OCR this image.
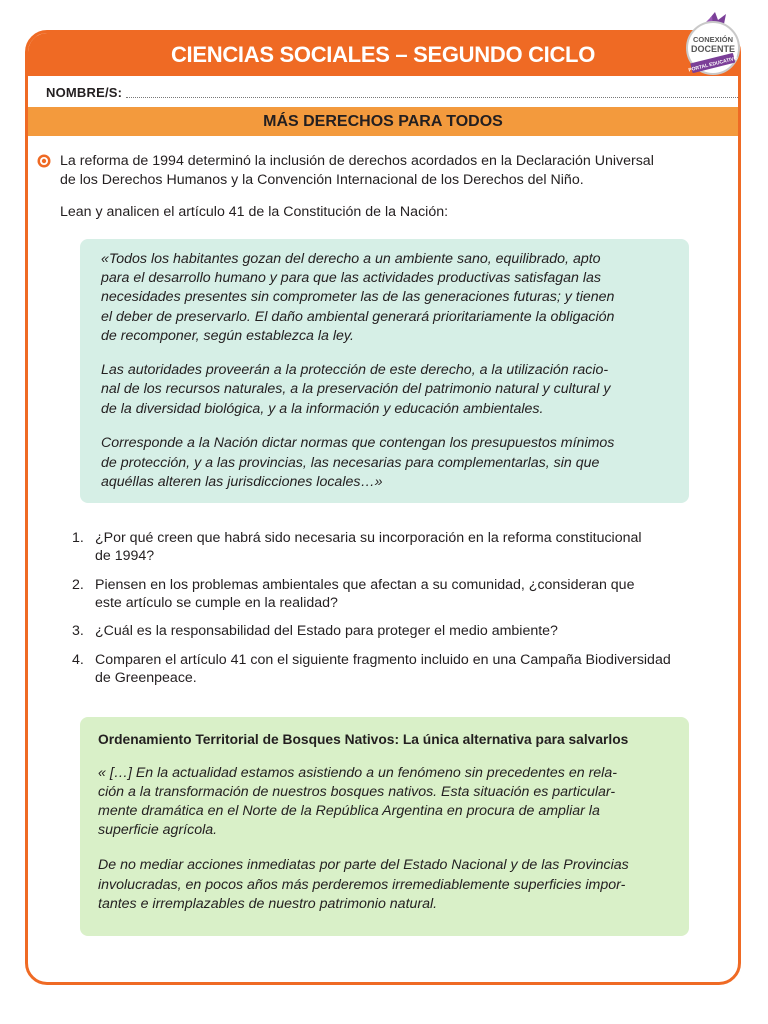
CIENCIAS SOCIALES – SEGUNDO CICLO
NOMBRE/S:
MÁS DERECHOS PARA TODOS
CONEXIÓN
DOCENTE
PORTAL EDUCATIVO
La reforma de 1994 determinó la inclusión de derechos acordados en la Declaración Universal
de los Derechos Humanos y la Convención Internacional de los Derechos del Niño.
Lean y analicen el artículo 41 de la Constitución de la Nación:
«Todos los habitantes gozan del derecho a un ambiente sano, equilibrado, apto
para el desarrollo humano y para que las actividades productivas satisfagan las
necesidades presentes sin comprometer las de las generaciones futuras; y tienen
el deber de preservarlo. El daño ambiental generará prioritariamente la obligación
de recomponer, según establezca la ley.
Las autoridades proveerán a la protección de este derecho, a la utilización racio-
nal de los recursos naturales, a la preservación del patrimonio natural y cultural y
de la diversidad biológica, y a la información y educación ambientales.
Corresponde a la Nación dictar normas que contengan los presupuestos mínimos
de protección, y a las provincias, las necesarias para complementarlas, sin que
aquéllas alteren las jurisdicciones locales…»
1. ¿Por qué creen que habrá sido necesaria su incorporación en la reforma constitucional
de 1994?
2. Piensen en los problemas ambientales que afectan a su comunidad, ¿consideran que
este artículo se cumple en la realidad?
3. ¿Cuál es la responsabilidad del Estado para proteger el medio ambiente?
4. Comparen el artículo 41 con el siguiente fragmento incluido en una Campaña Biodiversidad
de Greenpeace.
Ordenamiento Territorial de Bosques Nativos: La única alternativa para salvarlos
« […] En la actualidad estamos asistiendo a un fenómeno sin precedentes en rela-
ción a la transformación de nuestros bosques nativos. Esta situación es particular-
mente dramática en el Norte de la República Argentina en procura de ampliar la
superficie agrícola.
De no mediar acciones inmediatas por parte del Estado Nacional y de las Provincias
involucradas, en pocos años más perderemos irremediablemente superficies impor-
tantes e irremplazables de nuestro patrimonio natural.
